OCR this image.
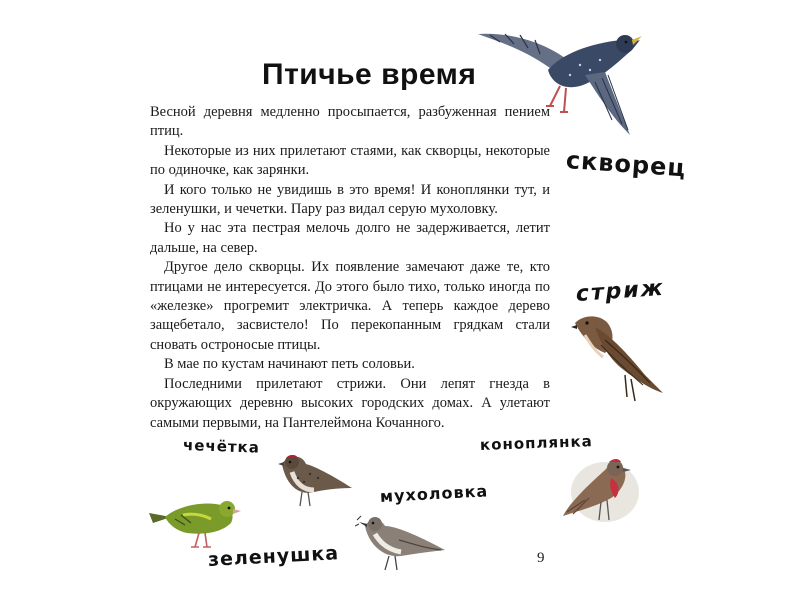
Птичье время

Весной деревня медленно просыпается, разбуженная пением птиц.

Некоторые из них прилетают стаями, как скворцы, некоторые по одиночке, как зарянки.

И кого только не увидишь в это время! И коноплянки тут, и зеленушки, и чечетки. Пару раз видал серую мухоловку.

Но у нас эта пестрая мелочь долго не задерживается, летит дальше, на север.

Другое дело скворцы. Их появление замечают даже те, кто птицами не интересуется. До этого было тихо, только иногда по «железке» прогремит электричка. А теперь каждое дерево защебетало, засвистело! По перекопанным грядкам стали сновать остроносые птицы.

В мае по кустам начинают петь соловьи.

Последними прилетают стрижи. Они лепят гнезда в окружающих деревню высоких городских домах. А улетают самыми первыми, на Пантелеймона Кочанного.

скворец
стриж
чечётка	коноплянка
мухоловка
зеленушка	9
